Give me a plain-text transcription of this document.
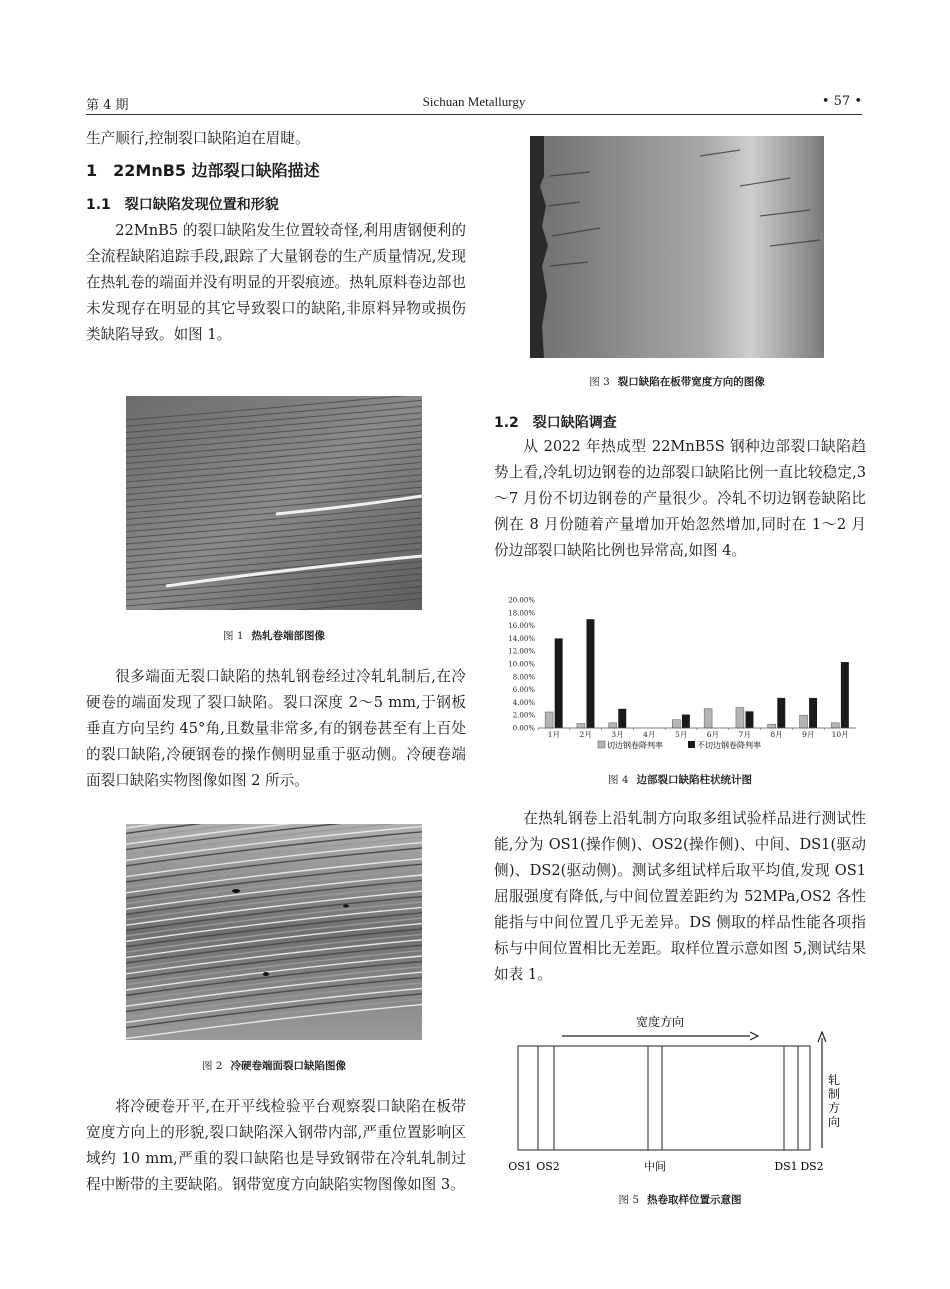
第 4 期	Sichuan Metallurgy	• 57 •

生产顺行,控制裂口缺陷迫在眉睫。

1　22MnB5 边部裂口缺陷描述
1.1　裂口缺陷发现位置和形貌

22MnB5 的裂口缺陷发生位置较奇怪,利用唐钢便利的全流程缺陷追踪手段,跟踪了大量钢卷的生产质量情况,发现在热轧卷的端面并没有明显的开裂痕迹。热轧原料卷边部也未发现存在明显的其它导致裂口的缺陷,非原料异物或损伤类缺陷导致。如图 1。

图 1 热轧卷端部图像

很多端面无裂口缺陷的热轧钢卷经过冷轧轧制后,在冷硬卷的端面发现了裂口缺陷。裂口深度 2～5 mm,于钢板垂直方向呈约 45°角,且数量非常多,有的钢卷甚至有上百处的裂口缺陷,冷硬钢卷的操作侧明显重于驱动侧。冷硬卷端面裂口缺陷实物图像如图 2 所示。

图 2 冷硬卷端面裂口缺陷图像

将冷硬卷开平,在开平线检验平台观察裂口缺陷在板带宽度方向上的形貌,裂口缺陷深入钢带内部,严重位置影响区域约 10 mm,严重的裂口缺陷也是导致钢带在冷轧轧制过程中断带的主要缺陷。钢带宽度方向缺陷实物图像如图 3。

图 3 裂口缺陷在板带宽度方向的图像
1.2　裂口缺陷调查

从 2022 年热成型 22MnB5S 钢种边部裂口缺陷趋势上看,冷轧切边钢卷的边部裂口缺陷比例一直比较稳定,3～7 月份不切边钢卷的产量很少。冷轧不切边钢卷缺陷比例在 8 月份随着产量增加开始忽然增加,同时在 1～2 月份边部裂口缺陷比例也异常高,如图 4。

20.00%
18.00%
16.00%
14.00%
12.00%
10.00%
8.00%
6.00%
4.00%
2.00%
0.00%
1月	2月	3月	4月	5月	6月	7月	8月	9月 10月
切边钢卷降判率	不切边钢卷降判率
图 4 边部裂口缺陷柱状统计图

在热轧钢卷上沿轧制方向取多组试验样品进行测试性能,分为 OS1(操作侧)、OS2(操作侧)、中间、DS1(驱动侧)、DS2(驱动侧)。测试多组试样后取平均值,发现 OS1 屈服强度有降低,与中间位置差距约为 52MPa,OS2 各性能指与中间位置几乎无差异。DS 侧取的样品性能各项指标与中间位置相比无差距。取样位置示意如图 5,测试结果如表 1。

宽度方向
轧制方向
OS1 OS2	中间	DS1 DS2
图 5 热卷取样位置示意图
